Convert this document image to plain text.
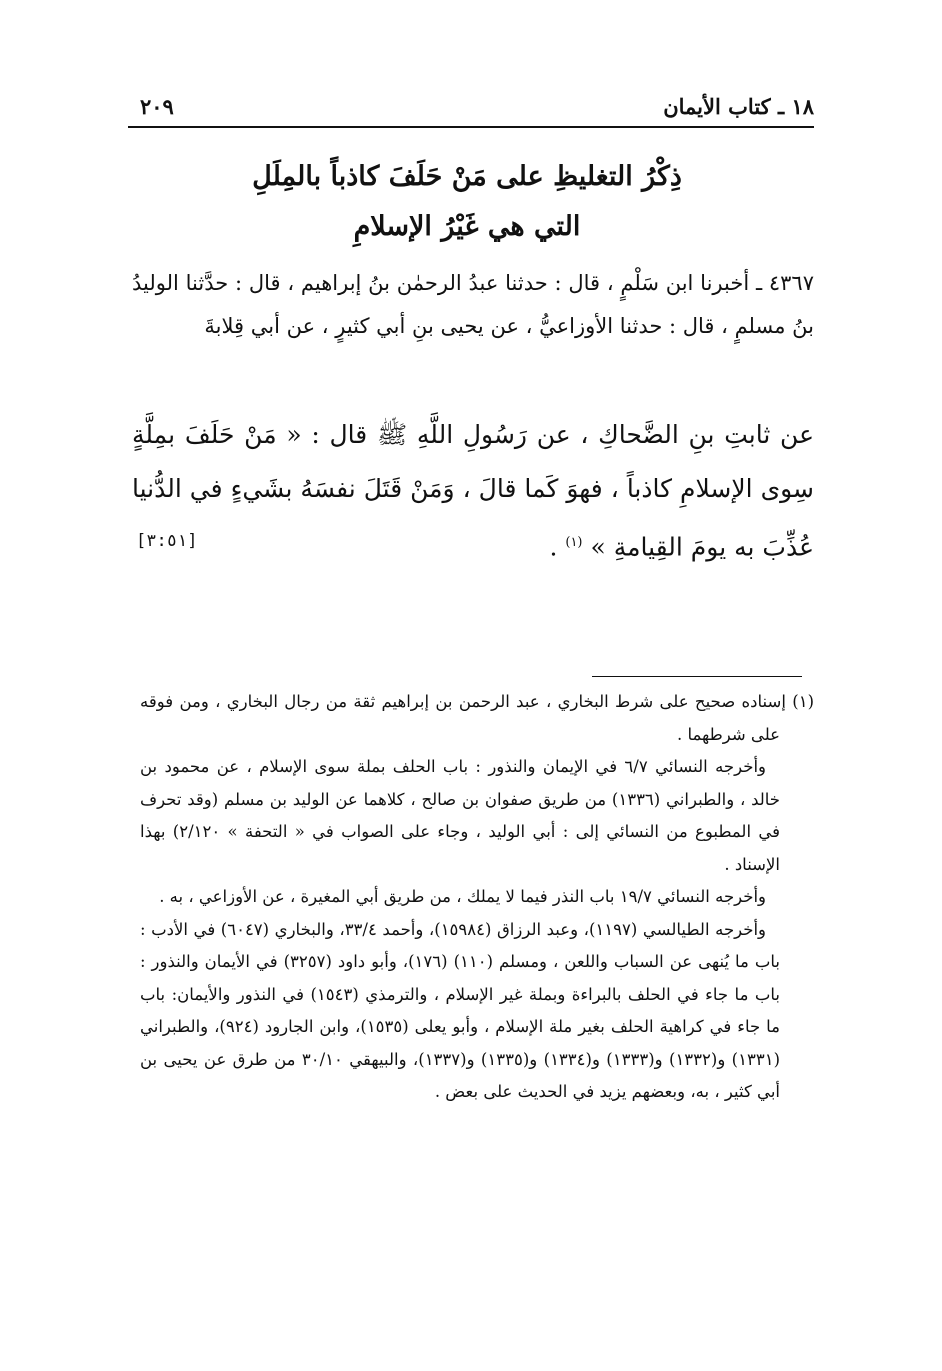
١٨ ـ كتاب الأيمان
٢٠٩
ذِكْرُ التغليظِ على مَنْ حَلَفَ كاذباً بالمِلَلِ
التي هي غَيْرُ الإسلامِ

٤٣٦٧ ـ أخبرنا ابن سَلْمٍ ، قال : حدثنا عبدُ الرحمٰن بنُ إبراهيم ، قال : حدَّثنا الوليدُ بنُ مسلمٍ ، قال : حدثنا الأوزاعيُّ ، عن يحيى بنِ أبي كثيرٍ ، عن أبي قِلابةَ

عن ثابتِ بنِ الضَّحاكِ ، عن رَسُولِ اللَّهِ ﷺ قال : « مَنْ حَلَفَ بمِلَّةٍ سِوى الإسلامِ كاذباً ، فهوَ كَما قالَ ، وَمَنْ قَتَلَ نفسَهُ بشَيءٍ في الدُّنيا عُذِّبَ به يومَ القِيامةِ » $^{(١)}$ .

[٣:٥١]

(١) إسناده صحيح على شرط البخاري ، عبد الرحمن بن إبراهيم ثقة من رجال البخاري ، ومن فوقه على شرطهما .

وأخرجه النسائي ٦/٧ في الإيمان والنذور : باب الحلف بملة سوى الإسلام ، عن محمود بن خالد ، والطبراني (١٣٣٦) من طريق صفوان بن صالح ، كلاهما عن الوليد بن مسلم (وقد تحرف في المطبوع من النسائي إلى : أبي الوليد ، وجاء على الصواب في « التحفة » ٢/١٢٠) بهذا الإسناد .

وأخرجه النسائي ١٩/٧ باب النذر فيما لا يملك ، من طريق أبي المغيرة ، عن الأوزاعي ، به .

وأخرجه الطيالسي (١١٩٧)، وعبد الرزاق (١٥٩٨٤)، وأحمد ٣٣/٤، والبخاري (٦٠٤٧) في الأدب : باب ما يُنهى عن السباب واللعن ، ومسلم (١١٠) (١٧٦)، وأبو داود (٣٢٥٧) في الأيمان والنذور : باب ما جاء في الحلف بالبراءة وبملة غير الإسلام ، والترمذي (١٥٤٣) في النذور والأيمان: باب ما جاء في كراهية الحلف بغير ملة الإسلام ، وأبو يعلى (١٥٣٥)، وابن الجارود (٩٢٤)، والطبراني (١٣٣١) و(١٣٣٢) و(١٣٣٣) و(١٣٣٤) و(١٣٣٥) و(١٣٣٧)، والبيهقي ٣٠/١٠ من طرق عن يحيى بن أبي كثير ، به، وبعضهم يزيد في الحديث على بعض .
